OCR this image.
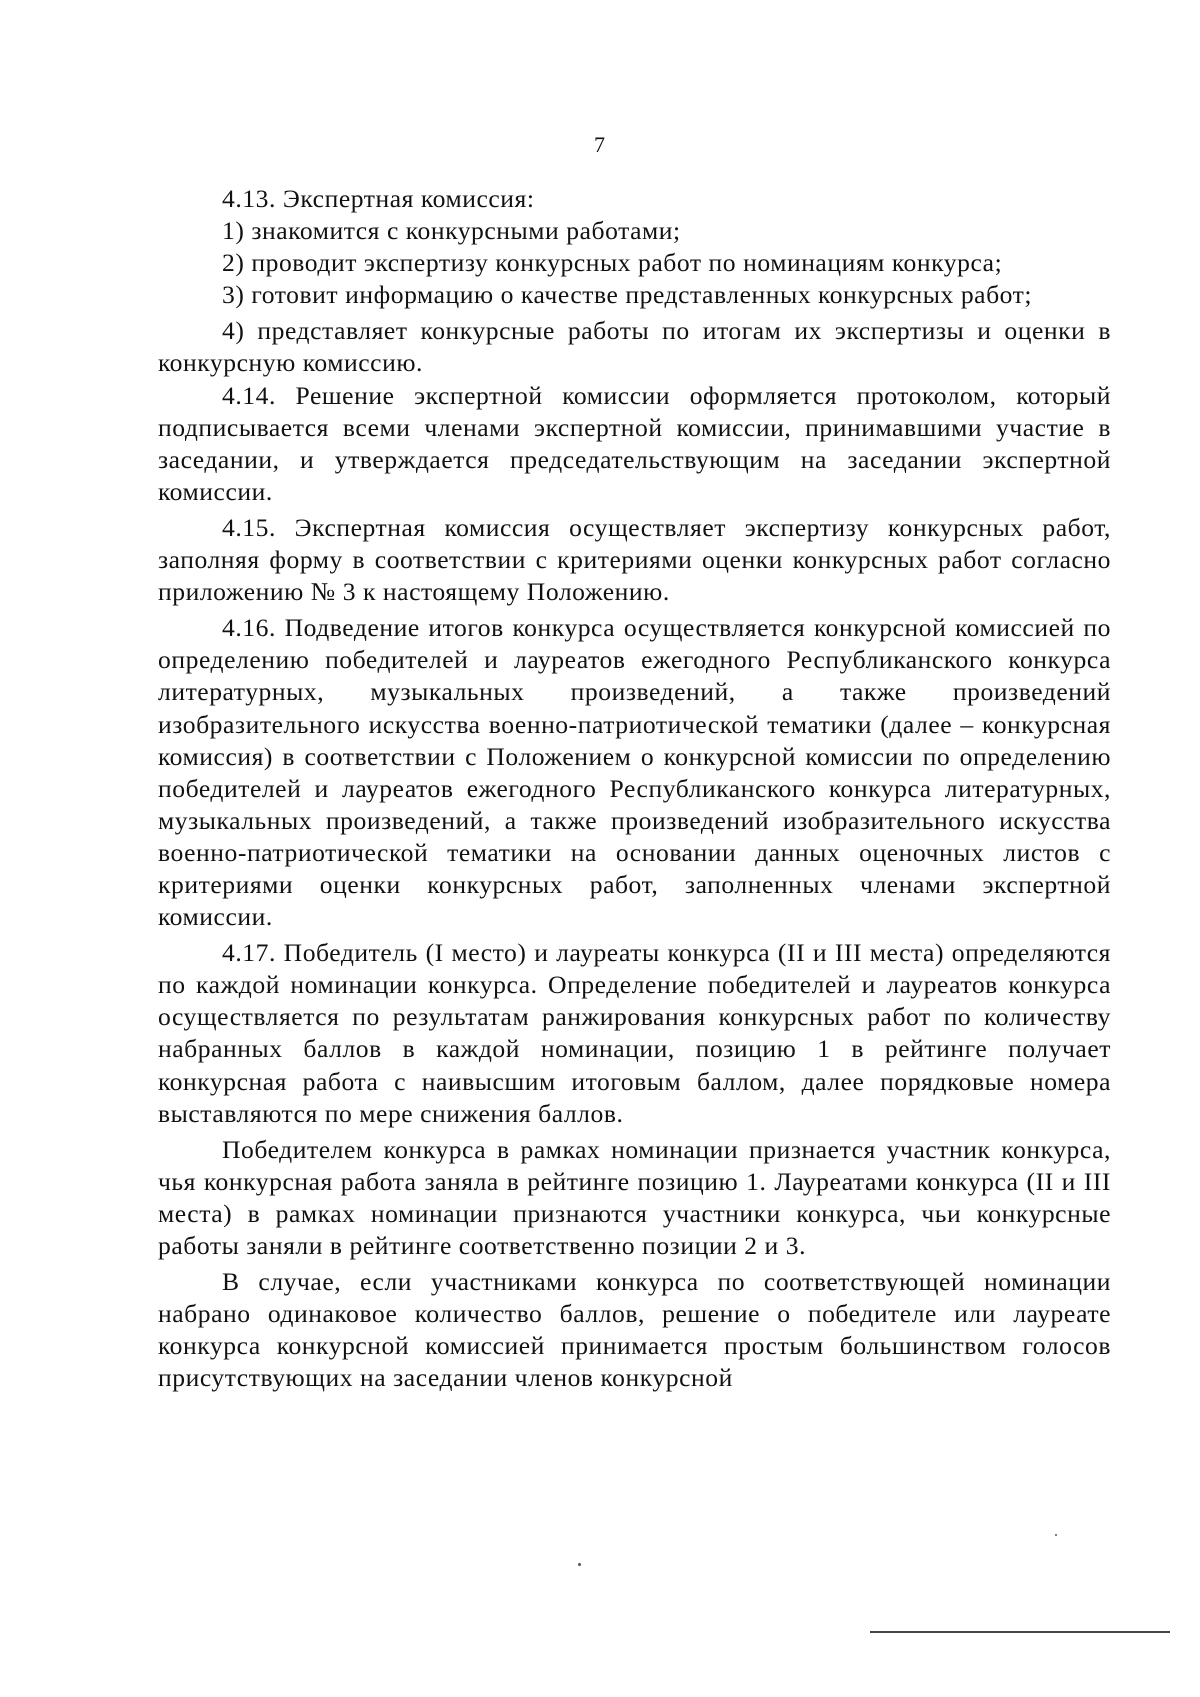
7

4.13. Экспертная комиссия:

1) знакомится с конкурсными работами;

2) проводит экспертизу конкурсных работ по номинациям конкурса;

3) готовит информацию о качестве представленных конкурсных работ;

4) представляет конкурсные работы по итогам их экспертизы и оценки в конкурсную комиссию.

4.14. Решение экспертной комиссии оформляется протоколом, который подписывается всеми членами экспертной комиссии, принимавшими участие в заседании, и утверждается председательствующим на заседании экспертной комиссии.

4.15. Экспертная комиссия осуществляет экспертизу конкурсных работ, заполняя форму в соответствии с критериями оценки конкурсных работ согласно приложению № 3 к настоящему Положению.

4.16. Подведение итогов конкурса осуществляется конкурсной комиссией по определению победителей и лауреатов ежегодного Республиканского конкурса литературных, музыкальных произведений, а также произведений изобразительного искусства военно-патриотической тематики (далее – конкурсная комиссия) в соответствии с Положением о конкурсной комиссии по определению победителей и лауреатов ежегодного Республиканского конкурса литературных, музыкальных произведений, а также произведений изобразительного искусства военно-патриотической тематики на основании данных оценочных листов с критериями оценки конкурсных работ, заполненных членами экспертной комиссии.

4.17. Победитель (I место) и лауреаты конкурса (II и III места) определяются по каждой номинации конкурса. Определение победителей и лауреатов конкурса осуществляется по результатам ранжирования конкурсных работ по количеству набранных баллов в каждой номинации, позицию 1 в рейтинге получает конкурсная работа с наивысшим итоговым баллом, далее порядковые номера выставляются по мере снижения баллов.

Победителем конкурса в рамках номинации признается участник конкурса, чья конкурсная работа заняла в рейтинге позицию 1. Лауреатами конкурса (II и III места) в рамках номинации признаются участники конкурса, чьи конкурсные работы заняли в рейтинге соответственно позиции 2 и 3.

В случае, если участниками конкурса по соответствующей номинации набрано одинаковое количество баллов, решение о победителе или лауреате конкурса конкурсной комиссией принимается простым большинством голосов присутствующих на заседании членов конкурсной
